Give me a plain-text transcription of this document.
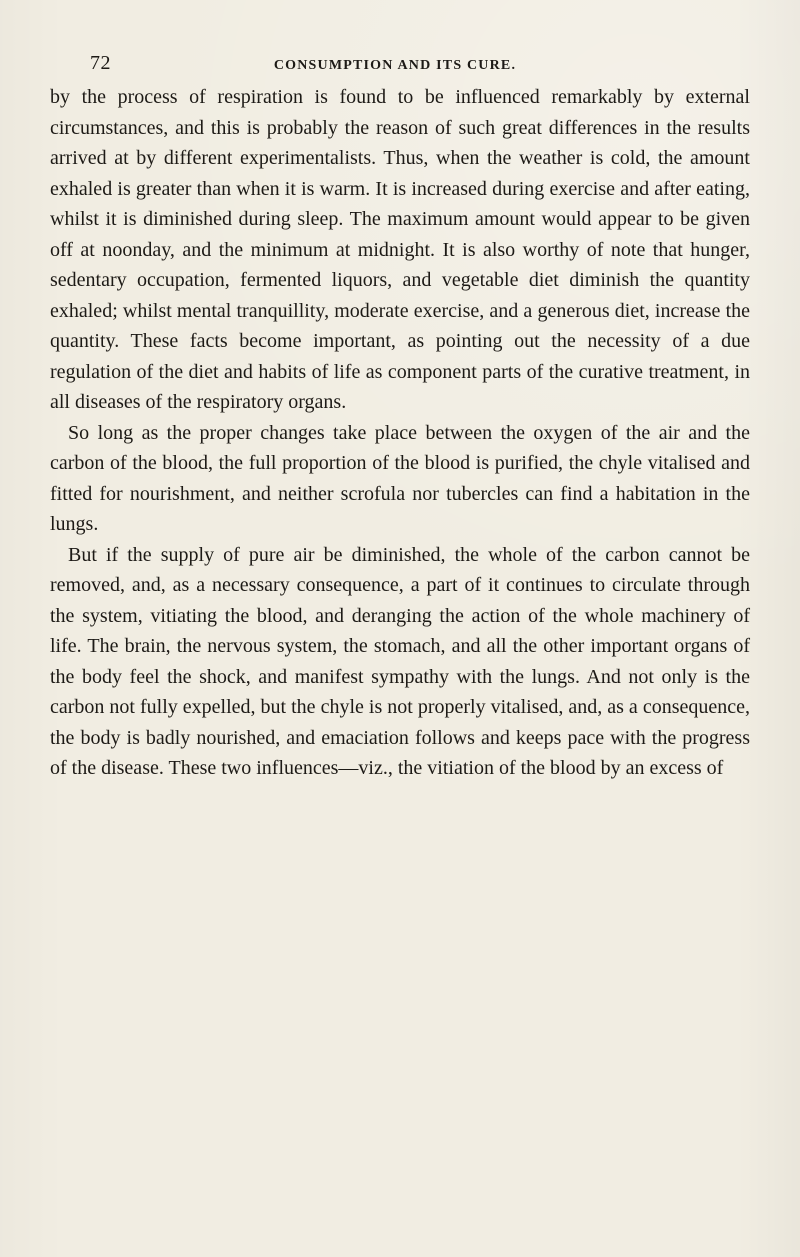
72	CONSUMPTION AND ITS CURE.

by the process of respiration is found to be influenced remarkably by external circumstances, and this is probably the reason of such great differences in the results arrived at by different experimentalists. Thus, when the weather is cold, the amount exhaled is greater than when it is warm. It is increased during exercise and after eating, whilst it is diminished during sleep. The maximum amount would appear to be given off at noonday, and the minimum at midnight. It is also worthy of note that hunger, sedentary occupation, fermented liquors, and vegetable diet diminish the quantity exhaled; whilst mental tranquillity, moderate exercise, and a generous diet, increase the quantity. These facts become important, as pointing out the necessity of a due regulation of the diet and habits of life as component parts of the curative treatment, in all diseases of the respiratory organs.

So long as the proper changes take place between the oxygen of the air and the carbon of the blood, the full proportion of the blood is purified, the chyle vitalised and fitted for nourishment, and neither scrofula nor tubercles can find a habitation in the lungs.

But if the supply of pure air be diminished, the whole of the carbon cannot be removed, and, as a necessary consequence, a part of it continues to circulate through the system, vitiating the blood, and deranging the action of the whole machinery of life. The brain, the nervous system, the stomach, and all the other important organs of the body feel the shock, and manifest sympathy with the lungs. And not only is the carbon not fully expelled, but the chyle is not properly vitalised, and, as a consequence, the body is badly nourished, and emaciation follows and keeps pace with the progress of the disease. These two influences—viz., the vitiation of the blood by an excess of
